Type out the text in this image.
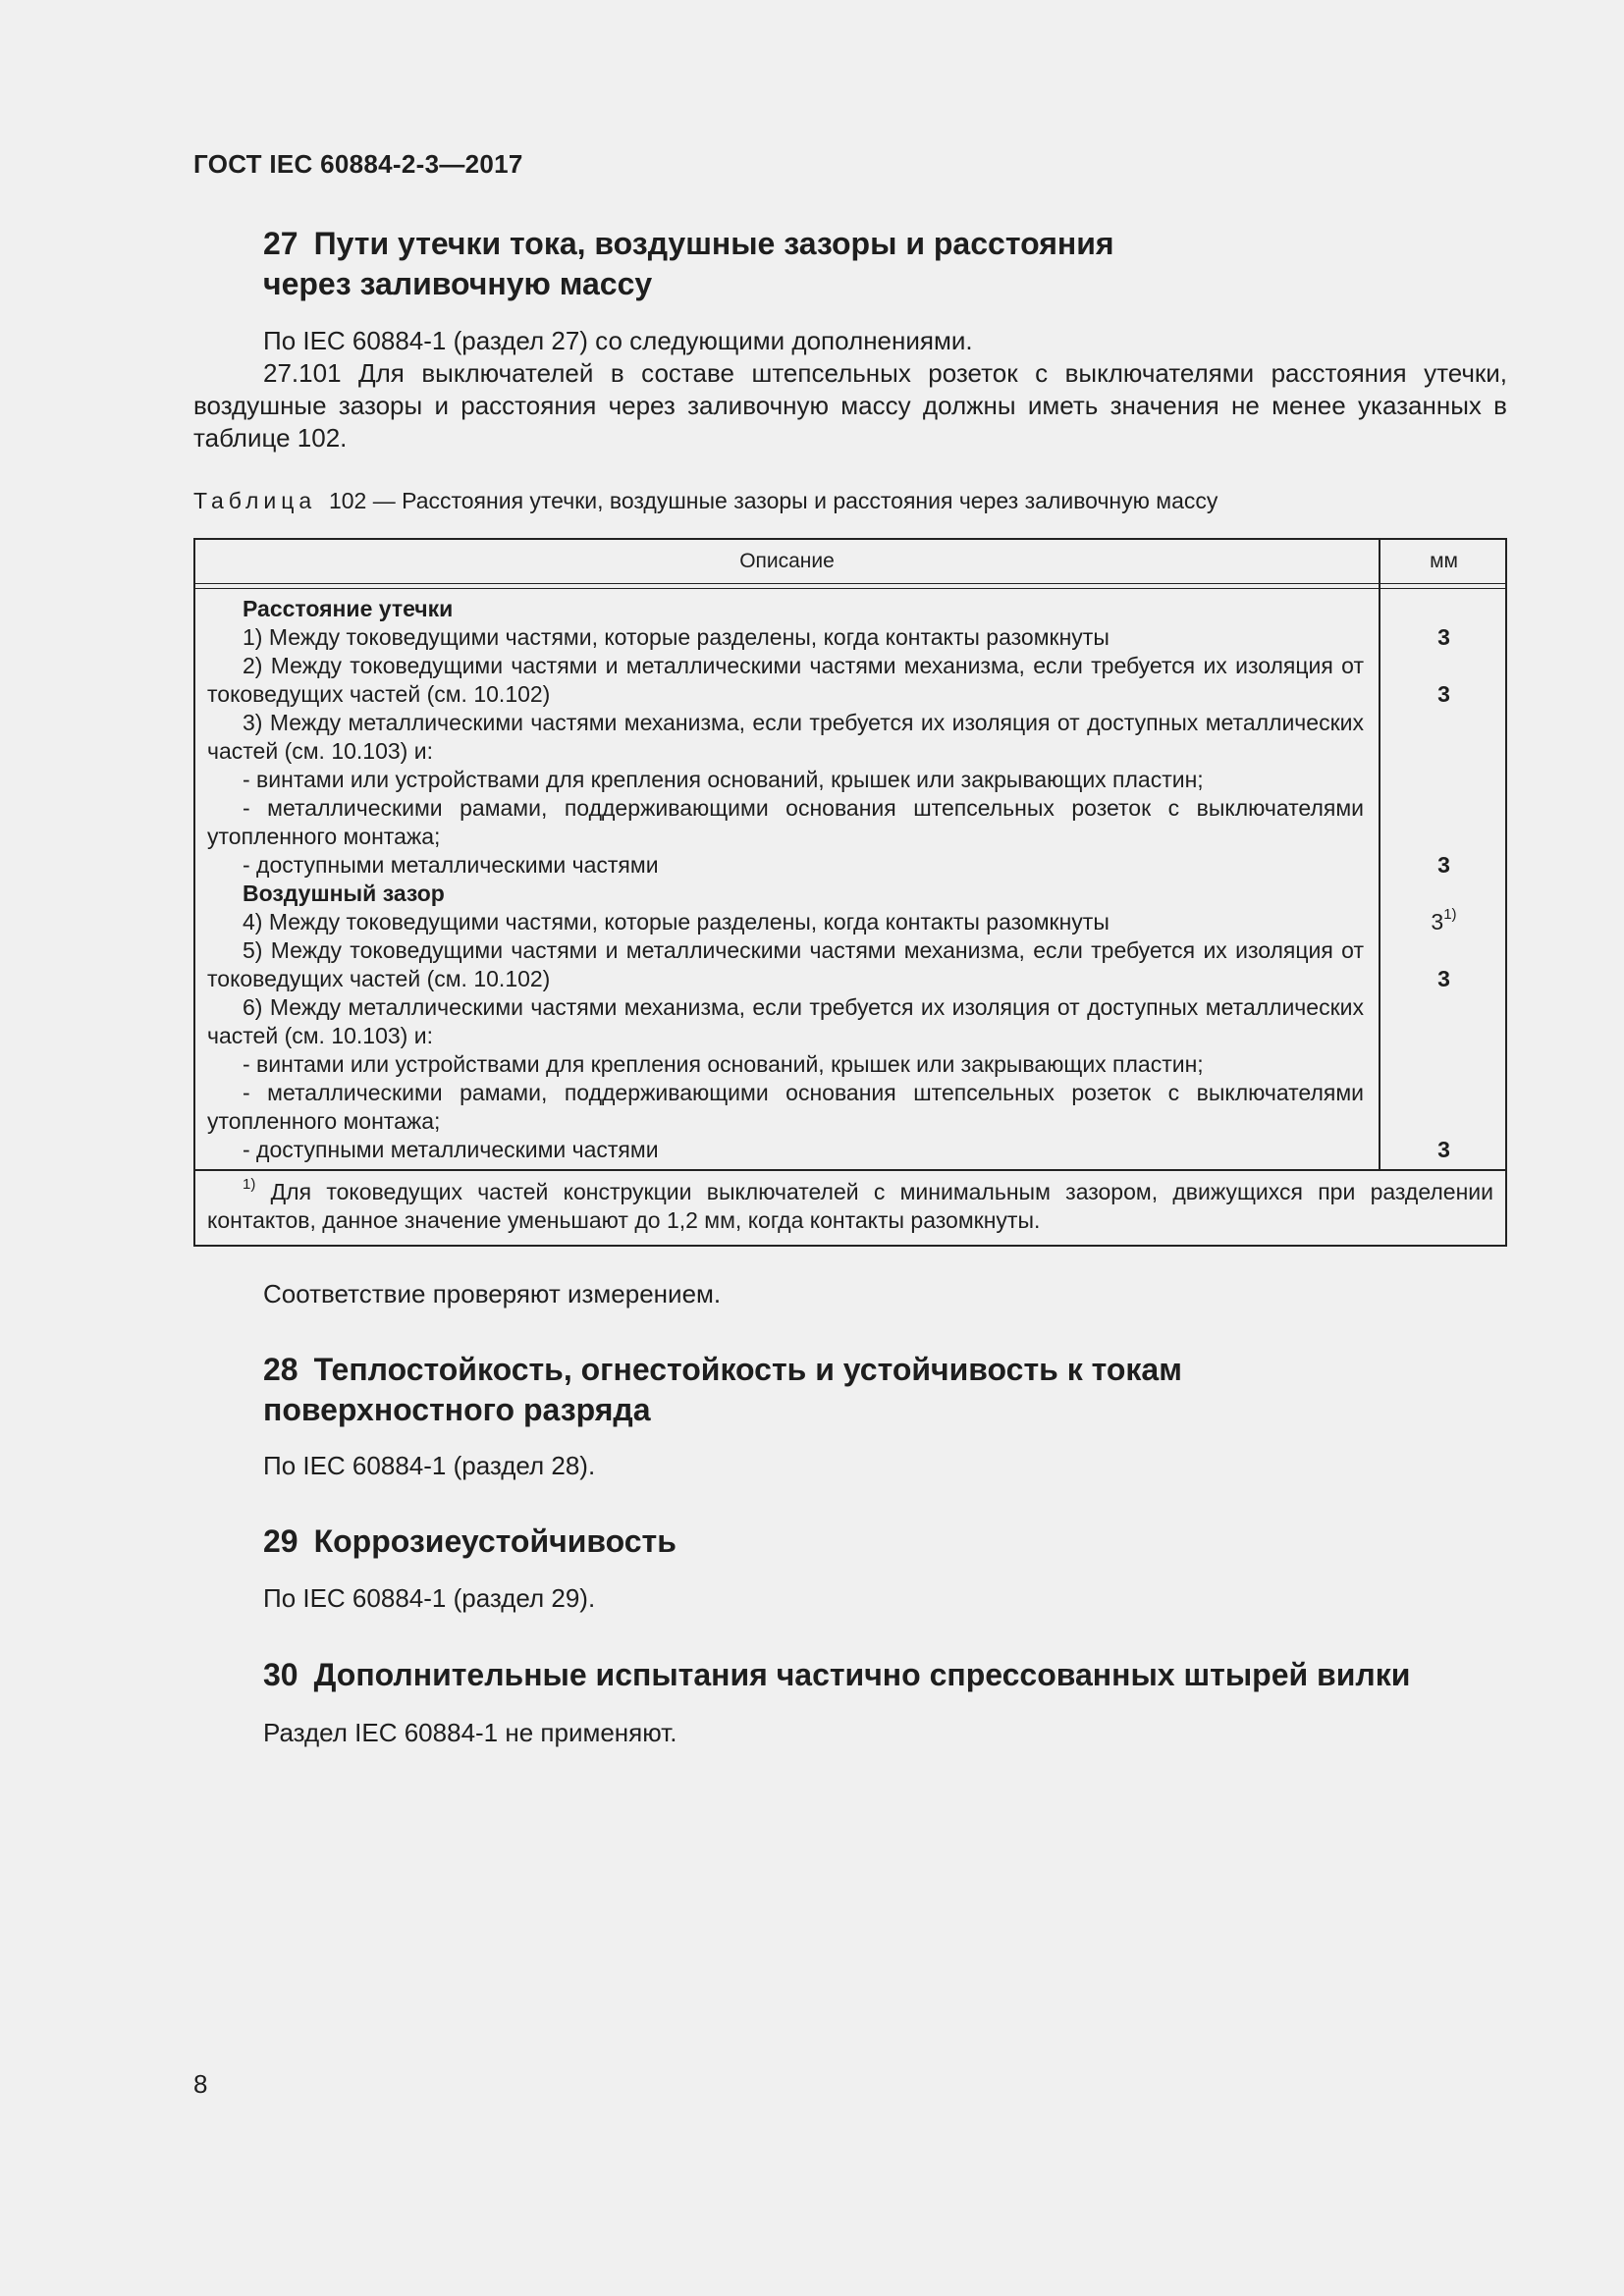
ГОСТ IEC 60884-2-3—2017
27 Пути утечки тока, воздушные зазоры и расстояния
через заливочную массу
По IEC 60884-1 (раздел 27) со следующими дополнениями.
27.101 Для выключателей в составе штепсельных розеток с выключателями расстояния утечки, воздушные зазоры и расстояния через заливочную массу должны иметь значения не менее указанных в таблице 102.
Таблица 102 — Расстояния утечки, воздушные зазоры и расстояния через заливочную массу
Описание	мм
Расстояние утечки
1) Между токоведущими частями, которые разделены, когда контакты разомкнуты
2) Между токоведущими частями и металлическими частями механизма, если требуется их изоляция от токоведущих частей (см. 10.102)
3) Между металлическими частями механизма, если требуется их изоляция от доступных металлических частей (см. 10.103) и:
- винтами или устройствами для крепления оснований, крышек или закрывающих пластин;
- металлическими рамами, поддерживающими основания штепсельных розеток с выключателями утопленного монтажа;
- доступными металлическими частями
Воздушный зазор
4) Между токоведущими частями, которые разделены, когда контакты разомкнуты
5) Между токоведущими частями и металлическими частями механизма, если требуется их изоляция от токоведущих частей (см. 10.102)
6) Между металлическими частями механизма, если требуется их изоляция от доступных металлических частей (см. 10.103) и:
- винтами или устройствами для крепления оснований, крышек или закрывающих пластин;
- металлическими рамами, поддерживающими основания штепсельных розеток с выключателями утопленного монтажа;
- доступными металлическими частями
3
3
3
3$^{1)}$
3
3
$^{1)}$ Для токоведущих частей конструкции выключателей с минимальным зазором, движущихся при разделении контактов, данное значение уменьшают до 1,2 мм, когда контакты разомкнуты.
Соответствие проверяют измерением.
28 Теплостойкость, огнестойкость и устойчивость к токам
поверхностного разряда
По IEC 60884-1 (раздел 28).
29 Коррозиеустойчивость
По IEC 60884-1 (раздел 29).
30 Дополнительные испытания частично спрессованных штырей вилки
Раздел IEC 60884-1 не применяют.
8
